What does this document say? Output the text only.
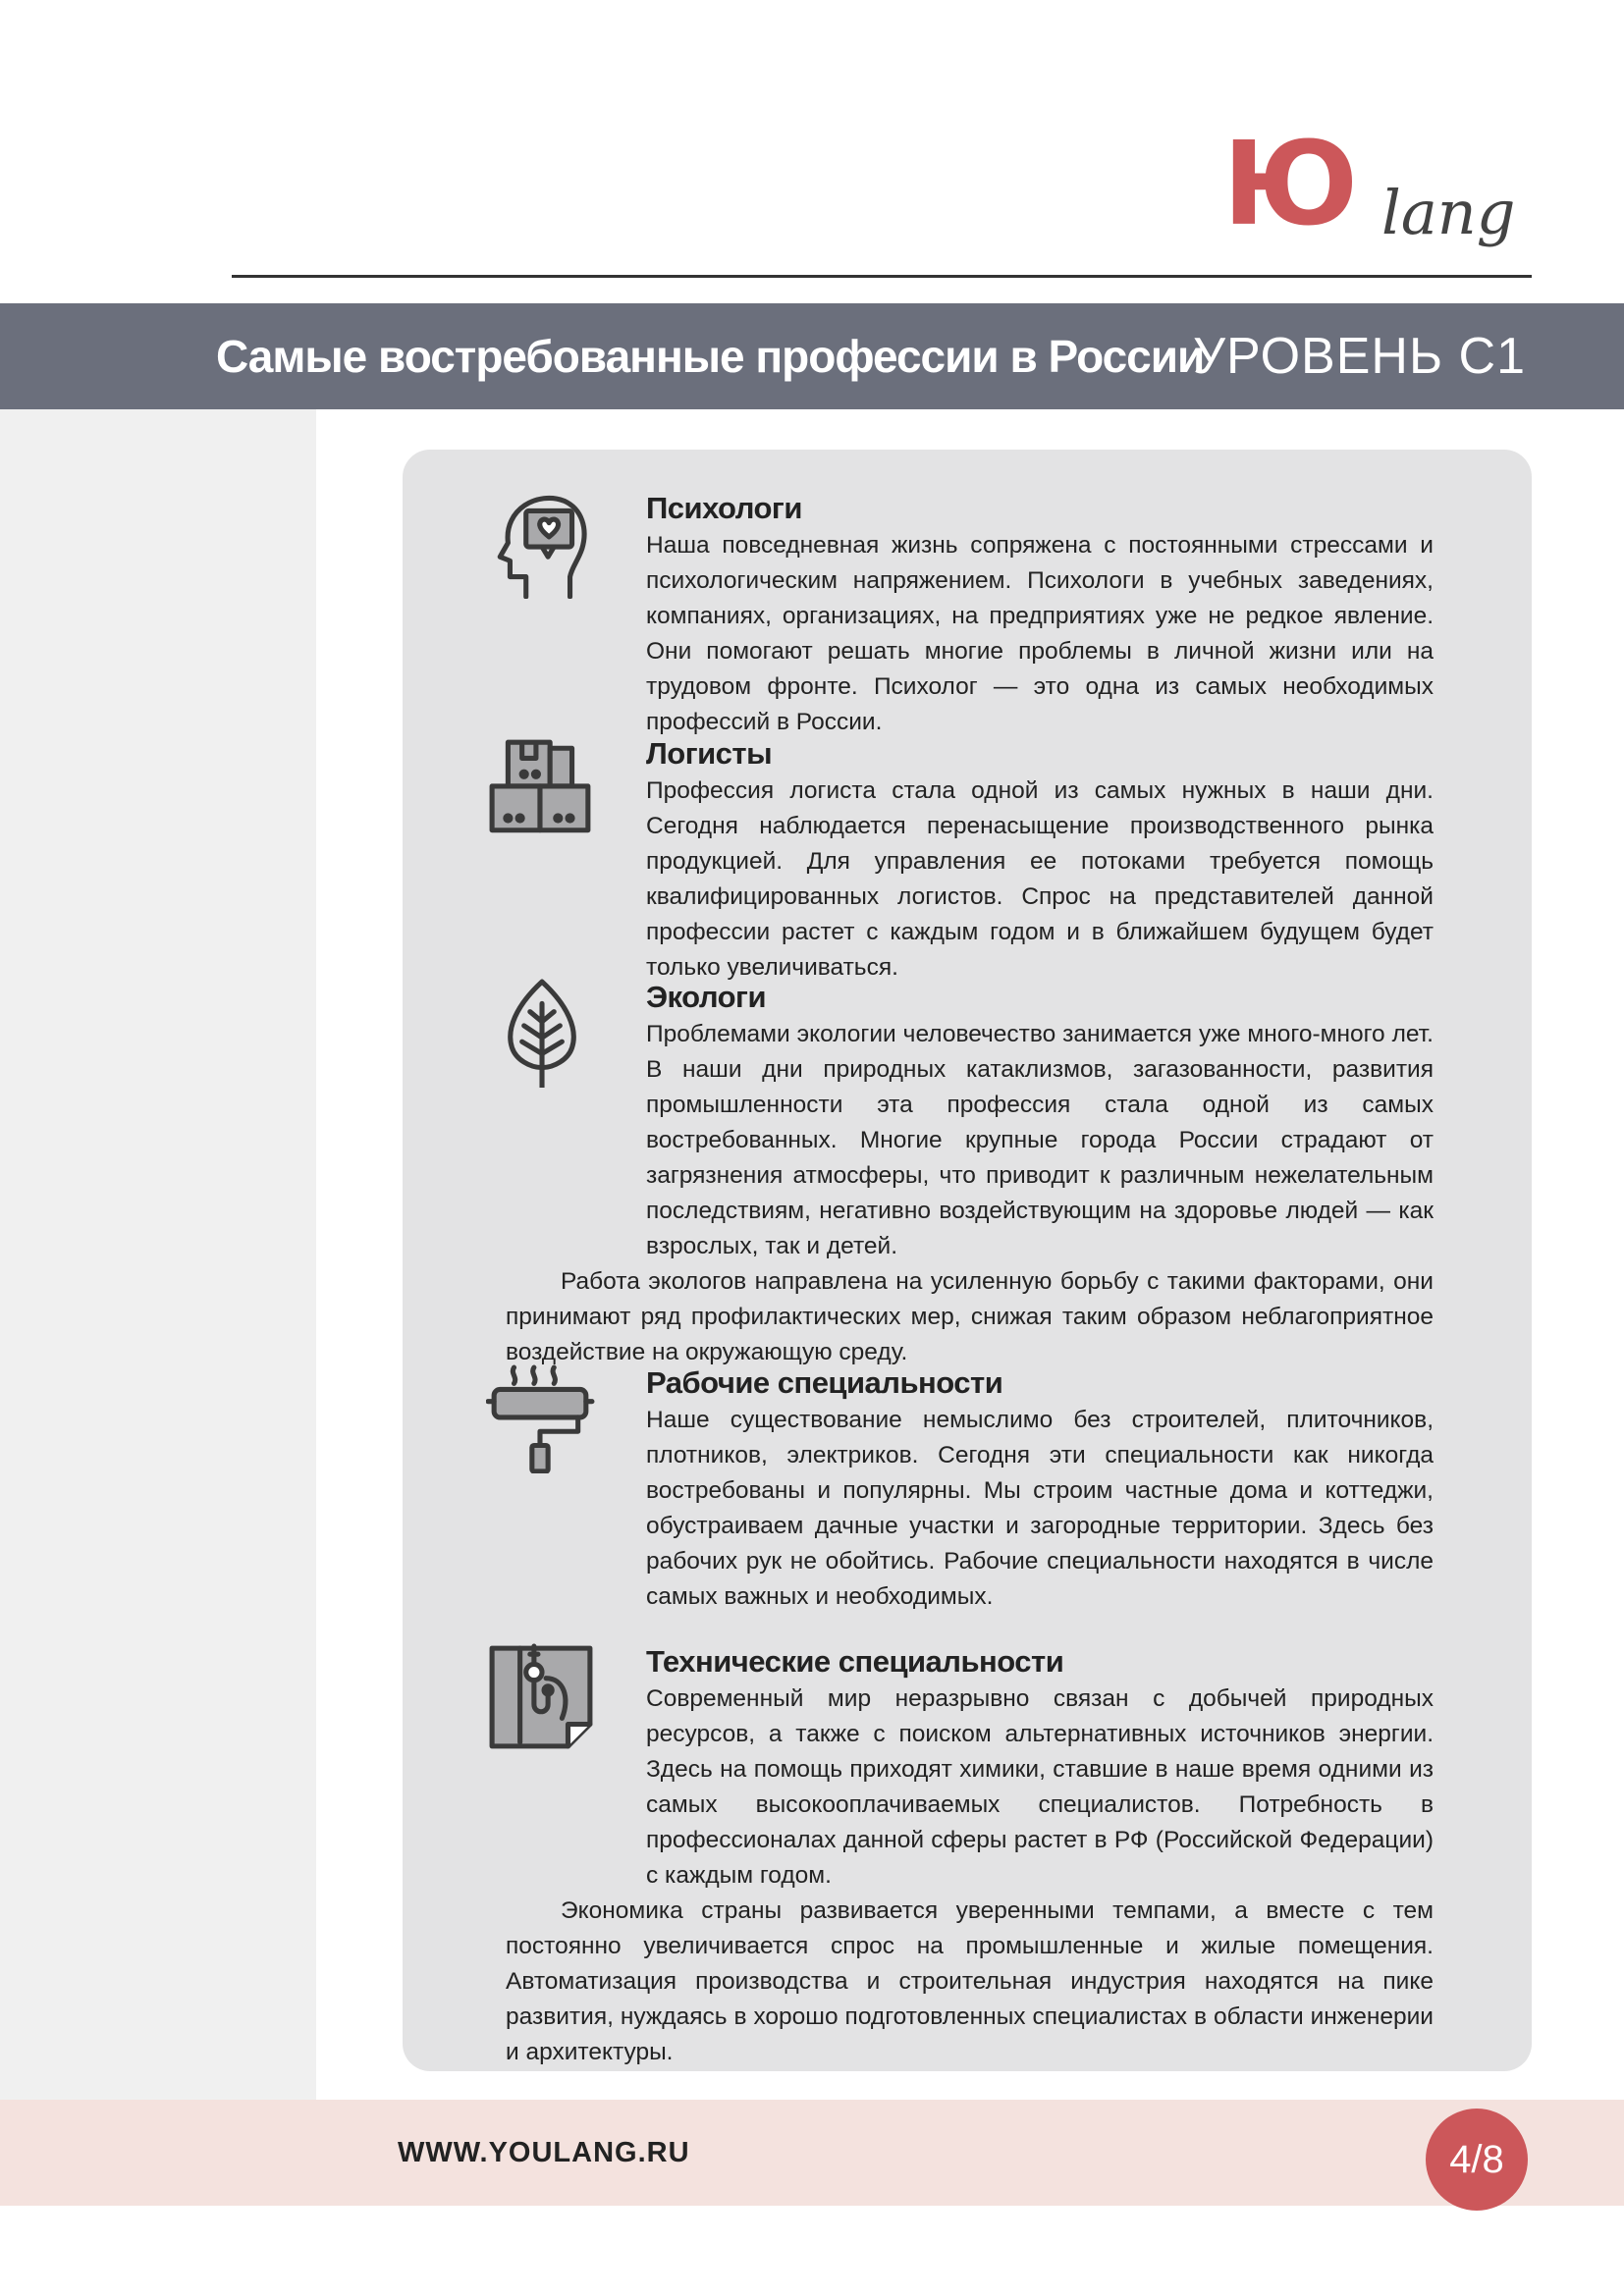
Ю lang
Самые востребованные профессии в России
УРОВЕНЬ С1
Психологи

Наша повседневная жизнь сопряжена с постоянными стрессами и психологическим напряжением. Психологи в учебных заведениях, компаниях, организациях, на предприятиях уже не редкое явление. Они помогают решать многие проблемы в личной жизни или на трудовом фронте. Психолог — это одна из самых необходимых профессий в России.

Логисты

Профессия логиста стала одной из самых нужных в наши дни. Сегодня наблюдается перенасыщение производственного рынка продукцией. Для управления ее потоками требуется помощь квалифицированных логистов. Спрос на представителей данной профессии растет с каждым годом и в ближайшем будущем будет только увеличиваться.

Экологи

Проблемами экологии человечество занимается уже много-много лет. В наши дни природных катаклизмов, загазованности, развития промышленности эта профессия стала одной из самых востребованных. Многие крупные города России страдают от загрязнения атмосферы, что приводит к различным нежелательным последствиям, негативно воздействующим на здоровье людей — как взрослых, так и детей.

Работа экологов направлена на усиленную борьбу с такими факторами, они принимают ряд профилактических мер, снижая таким образом неблагоприятное воздействие на окружающую среду.

Рабочие специальности

Наше существование немыслимо без строителей, плиточников, плотников, электриков. Сегодня эти специальности как никогда востребованы и популярны. Мы строим частные дома и коттеджи, обустраиваем дачные участки и загородные территории. Здесь без рабочих рук не обойтись. Рабочие специальности находятся в числе самых важных и необходимых.

Технические специальности

Современный мир неразрывно связан с добычей природных ресурсов, а также с поиском альтернативных источников энергии. Здесь на помощь приходят химики, ставшие в наше время одними из самых высокооплачиваемых специалистов. Потребность в профессионалах данной сферы растет в РФ (Российской Федерации) с каждым годом.

Экономика страны развивается уверенными темпами, а вместе с тем постоянно увеличивается спрос на промышленные и жилые помещения. Автоматизация производства и строительная индустрия находятся на пике развития, нуждаясь в хорошо подготовленных специалистах в области инженерии и архитектуры.

WWW.YOULANG.RU	4/8
